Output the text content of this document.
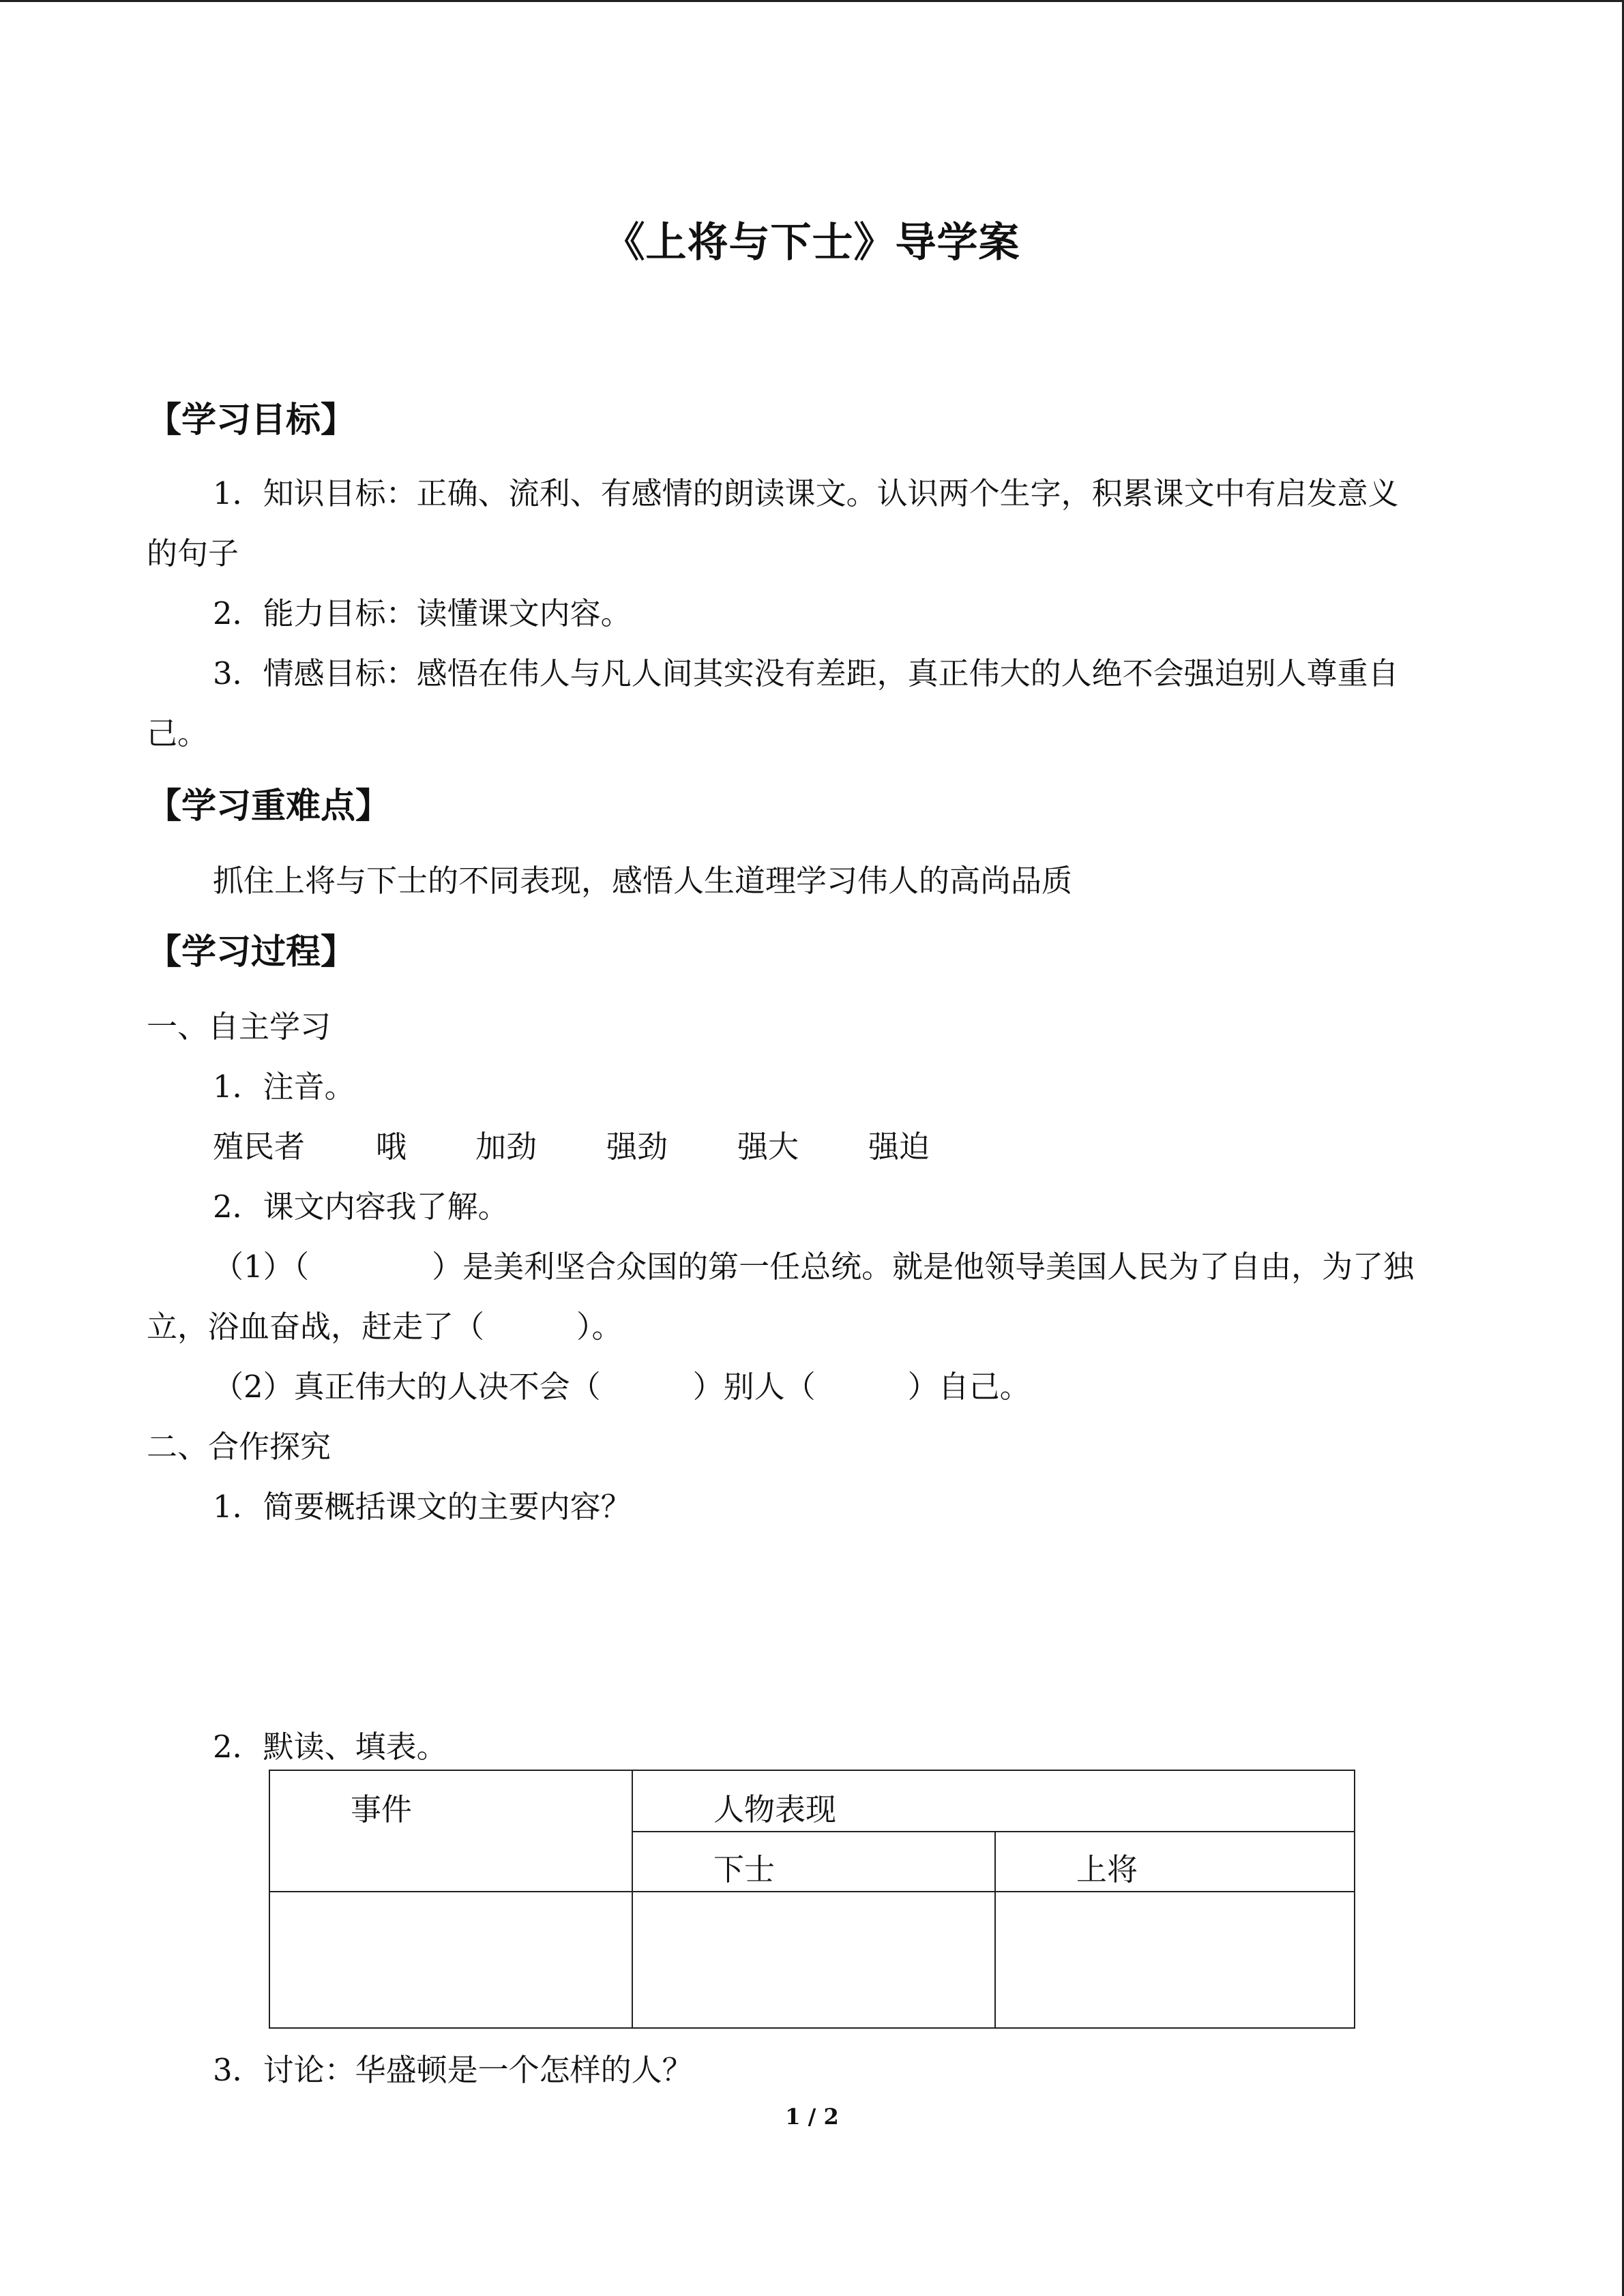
《上将与下士》导学案
【学习目标】
1．知识目标：正确、流利、有感情的朗读课文。认识两个生字，积累课文中有启发意义
的句子
2．能力目标：读懂课文内容。
3．情感目标：感悟在伟人与凡人间其实没有差距，真正伟大的人绝不会强迫别人尊重自
己。
【学习重难点】
抓住上将与下士的不同表现，感悟人生道理学习伟人的高尚品质
【学习过程】
一、自主学习
1．注音。
殖民者 哦 加劲 强劲 强大 强迫
2．课文内容我了解。
（1）（　　　　）是美利坚合众国的第一任总统。就是他领导美国人民为了自由，为了独
立，浴血奋战，赶走了（　　　）。
（2）真正伟大的人决不会（　　　）别人（　　　）自己。
二、合作探究
1．简要概括课文的主要内容？
2．默读、填表。
事件	人物表现
下士	上将
3．讨论：华盛顿是一个怎样的人？
1 / 2
